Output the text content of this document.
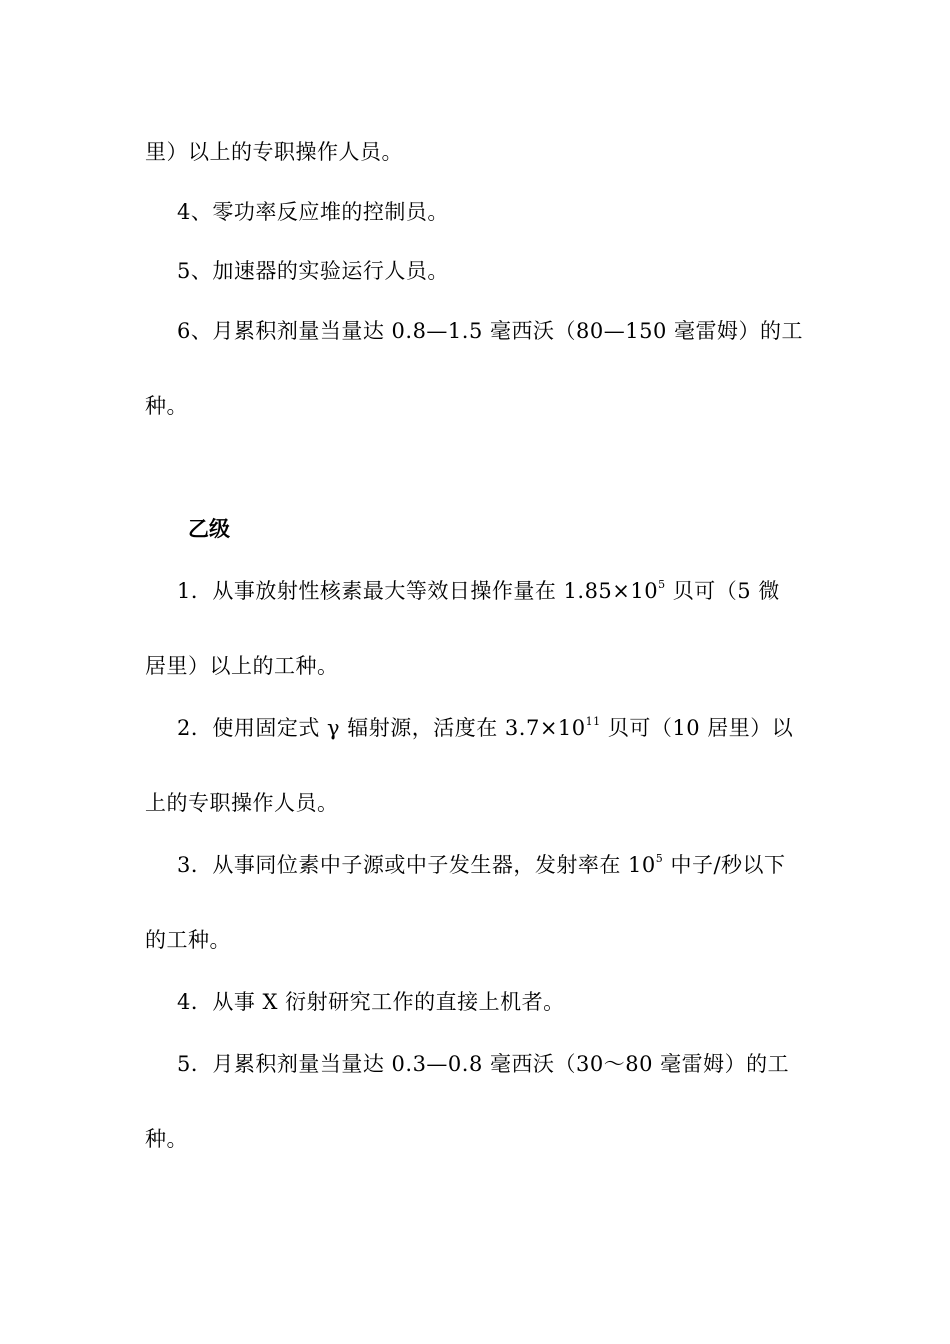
里）以上的专职操作人员。
4、零功率反应堆的控制员。
5、加速器的实验运行人员。
6、月累积剂量当量达 0.8—1.5 毫西沃（80—150 毫雷姆）的工
种。
乙级
1．从事放射性核素最大等效日操作量在 $1.85\times 10^5$ 贝可（5 微
居里）以上的工种。
2．使用固定式 γ 辐射源，活度在 $3.7\times 10^{11}$ 贝可（10 居里）以
上的专职操作人员。
3．从事同位素中子源或中子发生器，发射率在 $10^5$ 中子/秒以下
的工种。
4．从事 X 衍射研究工作的直接上机者。
5．月累积剂量当量达 0.3—0.8 毫西沃（30～80 毫雷姆）的工
种。
